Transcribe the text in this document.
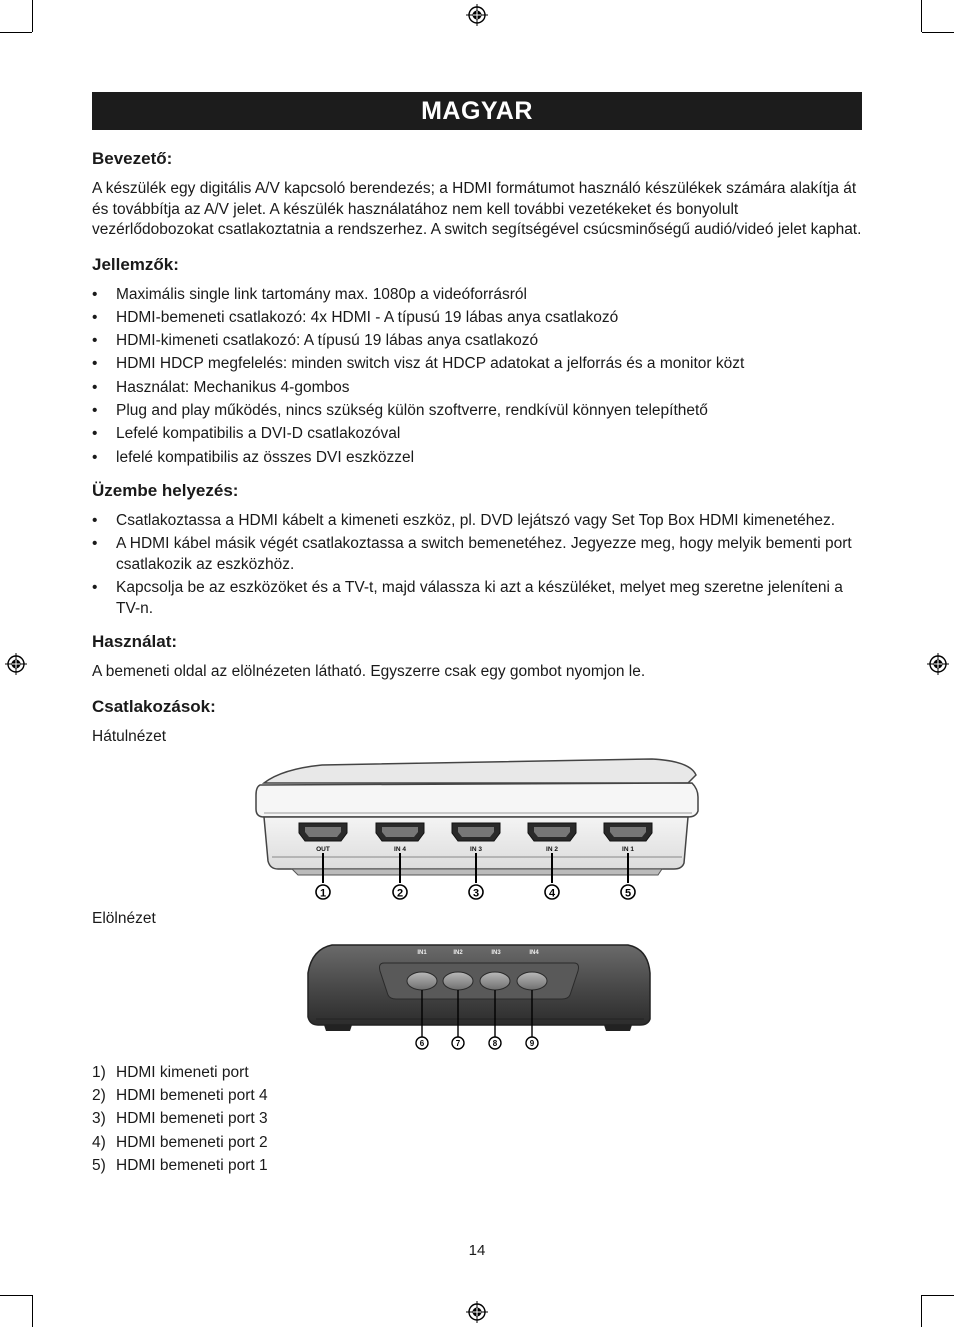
MAGYAR
Bevezető:

A készülék egy digitális A/V kapcsoló berendezés; a HDMI formátumot használó készülékek számára alakítja át és továbbítja az A/V jelet. A készülék használatához nem kell további vezetékeket és bonyolult vezérlődobozokat csatlakoztatnia a rendszerhez. A switch segítségével csúcsminőségű audió/videó jelet kaphat.

Jellemzők:
• Maximális single link tartomány max. 1080p a videóforrásról
• HDMI-bemeneti csatlakozó: 4x HDMI - A típusú 19 lábas anya csatlakozó
• HDMI-kimeneti csatlakozó: A típusú 19 lábas anya csatlakozó
• HDMI HDCP megfelelés: minden switch visz át HDCP adatokat a jelforrás és a monitor közt
• Használat: Mechanikus 4-gombos
• Plug and play működés, nincs szükség külön szoftverre, rendkívül könnyen telepíthető
• Lefelé kompatibilis a DVI-D csatlakozóval
• lefelé kompatibilis az összes DVI eszközzel
Üzembe helyezés:
• Csatlakoztassa a HDMI kábelt a kimeneti eszköz, pl. DVD lejátszó vagy Set Top Box HDMI kimenetéhez.
• A HDMI kábel másik végét csatlakoztassa a switch bemenetéhez. Jegyezze meg, hogy melyik bementi port csatlakozik az eszközhöz.
• Kapcsolja be az eszközöket és a TV-t, majd válassza ki azt a készüléket, melyet meg szeretne jeleníteni a TV-n.
Használat:

A bemeneti oldal az elölnézeten látható. Egyszerre csak egy gombot nyomjon le.

Csatlakozások:

Hátulnézet

OUT	IN 4	IN 3	IN 2	IN 1
1	2	3	4	5

Elölnézet

IN1	IN2	IN3	IN4
6	7	8	9
1) HDMI kimeneti port
2) HDMI bemeneti port 4
3) HDMI bemeneti port 3
4) HDMI bemeneti port 2
5) HDMI bemeneti port 1
14
